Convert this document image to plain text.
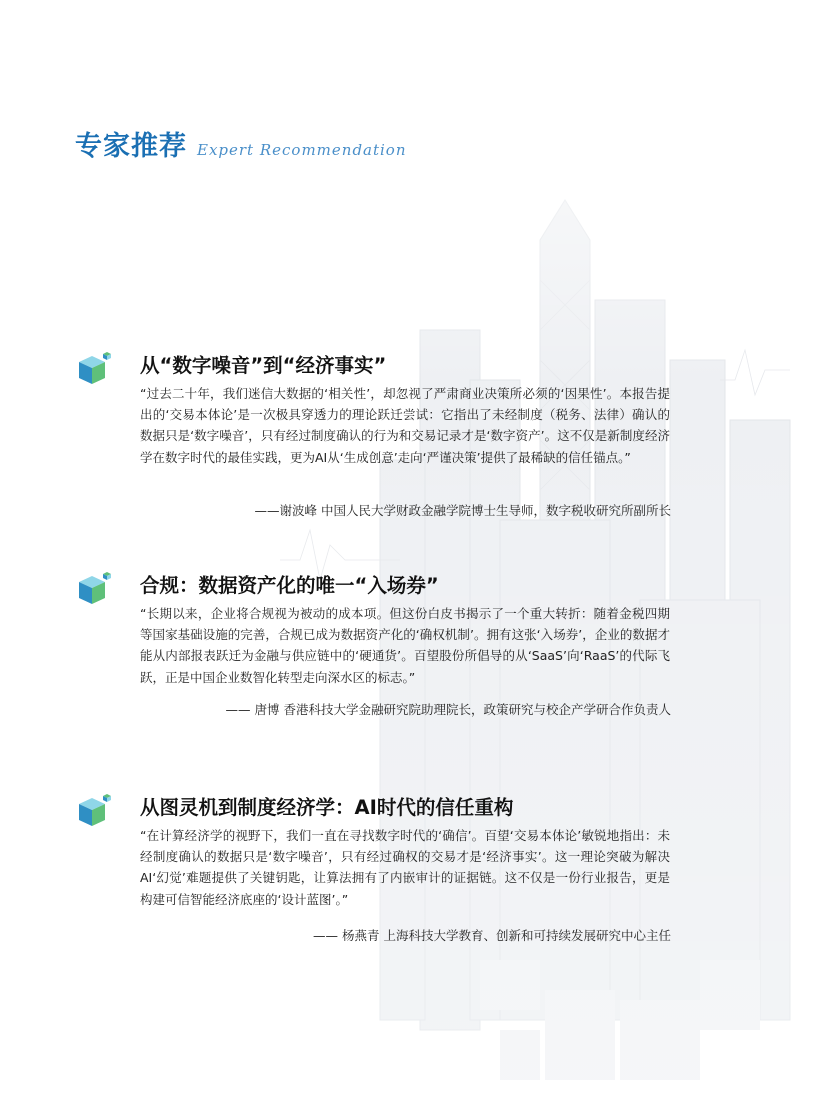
专家推荐 Expert Recommendation
从“数字噪音”到“经济事实”

“过去二十年，我们迷信大数据的‘相关性’，却忽视了严肃商业决策所必须的‘因果性’。本报告提出的‘交易本体论’是一次极具穿透力的理论跃迁尝试：它指出了未经制度（税务、法律）确认的数据只是‘数字噪音’，只有经过制度确认的行为和交易记录才是‘数字资产’。这不仅是新制度经济学在数字时代的最佳实践，更为AI从‘生成创意’走向‘严谨决策’提供了最稀缺的信任锚点。”

——谢波峰 中国人民大学财政金融学院博士生导师，数字税收研究所副所长
合规：数据资产化的唯一“入场券”

“长期以来，企业将合规视为被动的成本项。但这份白皮书揭示了一个重大转折：随着金税四期等国家基础设施的完善，合规已成为数据资产化的‘确权机制’。拥有这张‘入场券’，企业的数据才能从内部报表跃迁为金融与供应链中的‘硬通货’。百望股份所倡导的从‘SaaS’向‘RaaS’的代际飞跃，正是中国企业数智化转型走向深水区的标志。”

—— 唐博 香港科技大学金融研究院助理院长，政策研究与校企产学研合作负责人
从图灵机到制度经济学：AI时代的信任重构

“在计算经济学的视野下，我们一直在寻找数字时代的‘确信’。百望‘交易本体论’敏锐地指出：未经制度确认的数据只是‘数字噪音’，只有经过确权的交易才是‘经济事实’。这一理论突破为解决AI‘幻觉’难题提供了关键钥匙，让算法拥有了内嵌审计的证据链。这不仅是一份行业报告，更是构建可信智能经济底座的‘设计蓝图’。”

—— 杨燕青 上海科技大学教育、创新和可持续发展研究中心主任
